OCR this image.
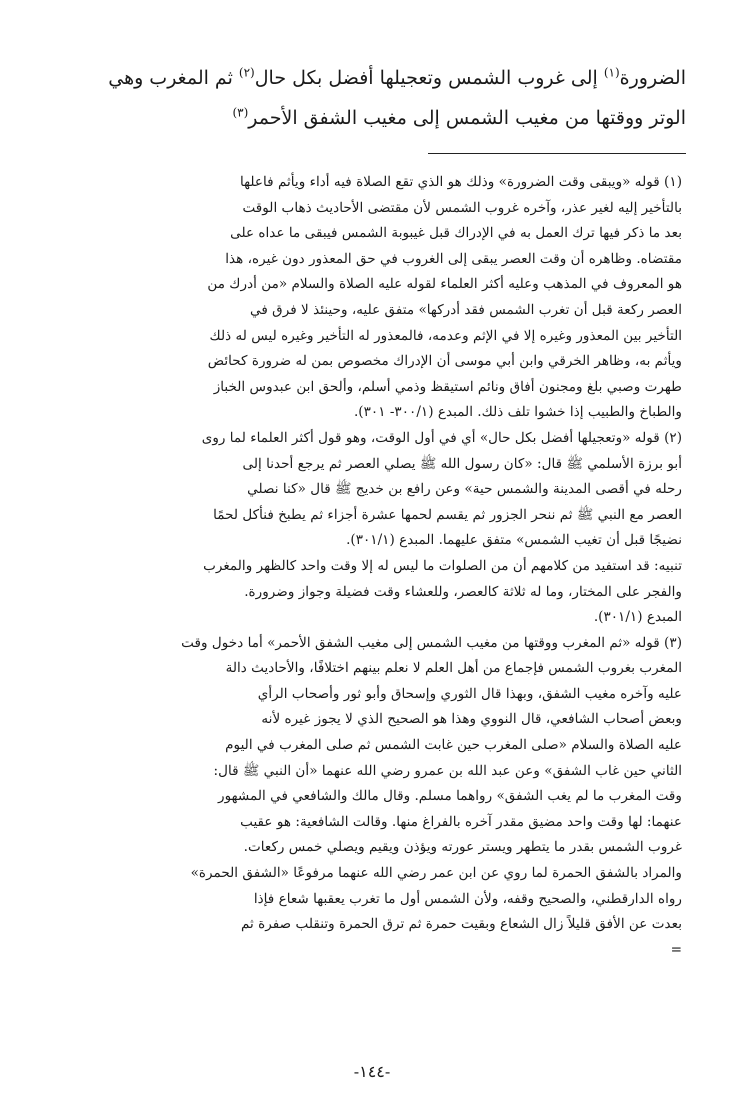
الضرورة$^{(١)}$ إلى غروب الشمس وتعجيلها أفضل بكل حال$^{(٢)}$ ثم المغرب وهي
الوتر ووقتها من مغيب الشمس إلى مغيب الشفق الأحمر$^{(٣)}$
(١) قوله «ويبقى وقت الضرورة» وذلك هو الذي تقع الصلاة فيه أداء ويأثم فاعلها
بالتأخير إليه لغير عذر، وآخره غروب الشمس لأن مقتضى الأحاديث ذهاب الوقت
بعد ما ذكر فيها ترك العمل به في الإدراك قبل غيبوبة الشمس فيبقى ما عداه على
مقتضاه. وظاهره أن وقت العصر يبقى إلى الغروب في حق المعذور دون غيره، هذا
هو المعروف في المذهب وعليه أكثر العلماء لقوله عليه الصلاة والسلام «من أدرك من
العصر ركعة قبل أن تغرب الشمس فقد أدركها» متفق عليه، وحينئذ لا فرق في
التأخير بين المعذور وغيره إلا في الإثم وعدمه، فالمعذور له التأخير وغيره ليس له ذلك
ويأثم به، وظاهر الخرقي وابن أبي موسى أن الإدراك مخصوص بمن له ضرورة كحائض
طهرت وصبي بلغ ومجنون أفاق ونائم استيقظ وذمي أسلم، وألحق ابن عبدوس الخباز
والطباخ والطبيب إذا خشوا تلف ذلك. المبدع (٣٠٠/١- ٣٠١).
(٢) قوله «وتعجيلها أفضل بكل حال» أي في أول الوقت، وهو قول أكثر العلماء لما روى
أبو برزة الأسلمي ﷺ قال: «كان رسول الله ﷺ يصلي العصر ثم يرجع أحدنا إلى
رحله في أقصى المدينة والشمس حية» وعن رافع بن خديج ﷺ قال «كنا نصلي
العصر مع النبي ﷺ ثم ننحر الجزور ثم يقسم لحمها عشرة أجزاء ثم يطبخ فنأكل لحمًا
نضيجًا قبل أن تغيب الشمس» متفق عليهما. المبدع (٣٠١/١).
تنبيه: قد استفيد من كلامهم أن من الصلوات ما ليس له إلا وقت واحد كالظهر والمغرب
والفجر على المختار، وما له ثلاثة كالعصر، وللعشاء وقت فضيلة وجواز وضرورة.
المبدع (٣٠١/١).
(٣) قوله «ثم المغرب ووقتها من مغيب الشمس إلى مغيب الشفق الأحمر» أما دخول وقت
المغرب بغروب الشمس فإجماع من أهل العلم لا نعلم بينهم اختلافًا، والأحاديث دالة
عليه وآخره مغيب الشفق، وبهذا قال الثوري وإسحاق وأبو ثور وأصحاب الرأي
وبعض أصحاب الشافعي، قال النووي وهذا هو الصحيح الذي لا يجوز غيره لأنه
عليه الصلاة والسلام «صلى المغرب حين غابت الشمس ثم صلى المغرب في اليوم
الثاني حين غاب الشفق» وعن عبد الله بن عمرو رضي الله عنهما «أن النبي ﷺ قال:
وقت المغرب ما لم يغب الشفق» رواهما مسلم. وقال مالك والشافعي في المشهور
عنهما: لها وقت واحد مضيق مقدر آخره بالفراغ منها. وقالت الشافعية: هو عقيب
غروب الشمس بقدر ما يتطهر ويستر عورته ويؤذن ويقيم ويصلي خمس ركعات.
والمراد بالشفق الحمرة لما روي عن ابن عمر رضي الله عنهما مرفوعًا «الشفق الحمرة»
رواه الدارقطني، والصحيح وقفه، ولأن الشمس أول ما تغرب يعقبها شعاع فإذا
بعدت عن الأفق قليلاً زال الشعاع وبقيت حمرة ثم ترق الحمرة وتنقلب صفرة ثم
=
-١٤٤-
